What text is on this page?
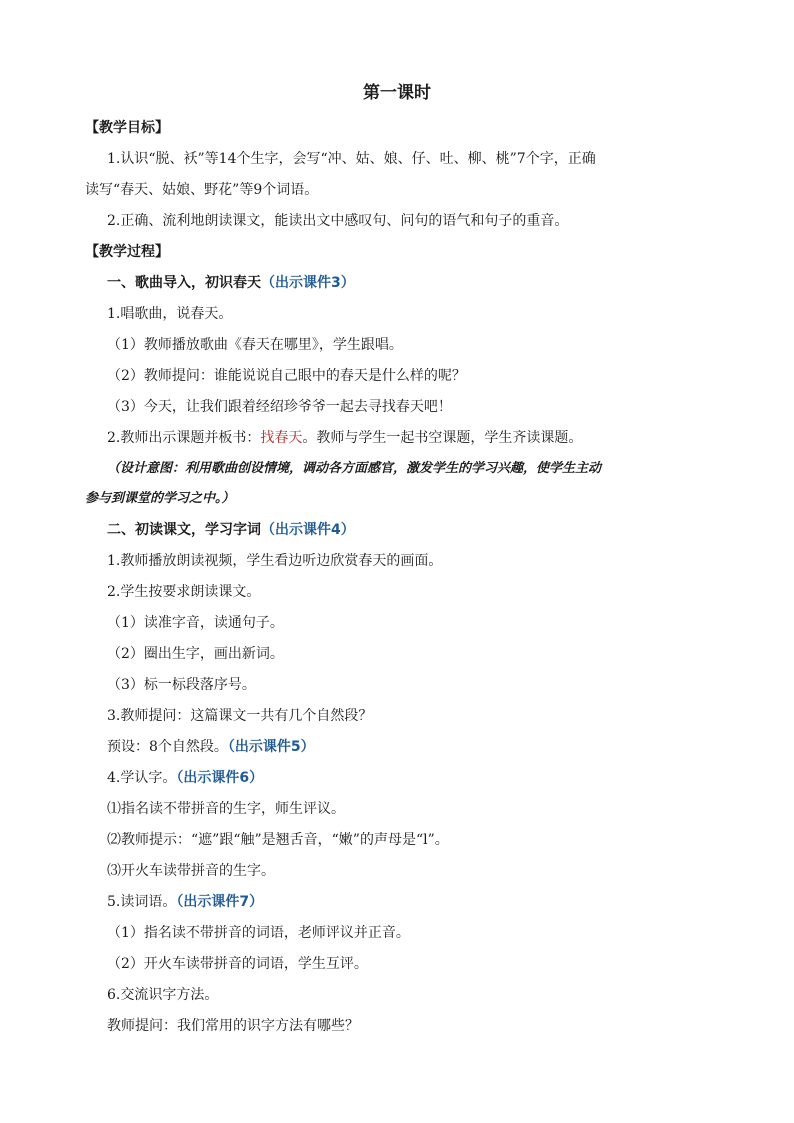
第一课时
【教学目标】
1.认识“脱、袄”等14个生字，会写“冲、姑、娘、仔、吐、柳、桃”7个字，正确
读写“春天、姑娘、野花”等9个词语。
2.正确、流利地朗读课文，能读出文中感叹句、问句的语气和句子的重音。
【教学过程】
一、歌曲导入，初识春天（出示课件3）
1.唱歌曲，说春天。
（1）教师播放歌曲《春天在哪里》，学生跟唱。
（2）教师提问：谁能说说自己眼中的春天是什么样的呢？
（3）今天，让我们跟着经绍珍爷爷一起去寻找春天吧！
2.教师出示课题并板书：找春天。教师与学生一起书空课题，学生齐读课题。
（设计意图：利用歌曲创设情境，调动各方面感官，激发学生的学习兴趣，使学生主动
参与到课堂的学习之中。）
二、初读课文，学习字词（出示课件4）
1.教师播放朗读视频，学生看边听边欣赏春天的画面。
2.学生按要求朗读课文。
（1）读准字音，读通句子。
（2）圈出生字，画出新词。
（3）标一标段落序号。
3.教师提问：这篇课文一共有几个自然段？
预设：8个自然段。（出示课件5）
4.学认字。（出示课件6）
⑴指名读不带拼音的生字，师生评议。
⑵教师提示：“遮”跟“触”是翘舌音，“嫩”的声母是“l”。
⑶开火车读带拼音的生字。
5.读词语。（出示课件7）
（1）指名读不带拼音的词语，老师评议并正音。
（2）开火车读带拼音的词语，学生互评。
6.交流识字方法。
教师提问：我们常用的识字方法有哪些？
